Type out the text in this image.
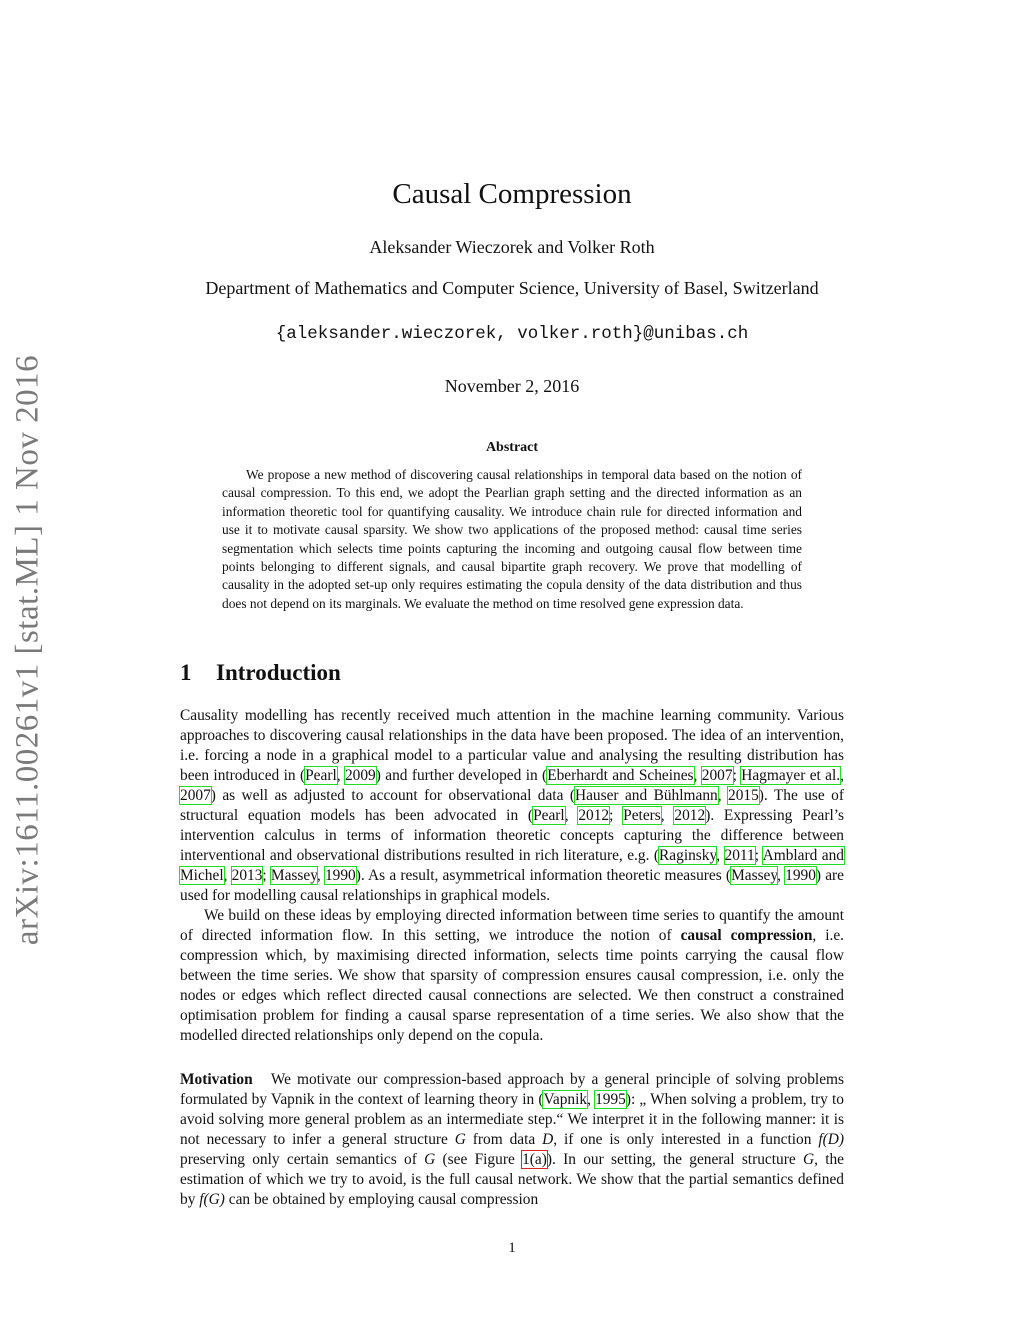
arXiv:1611.00261v1 [stat.ML] 1 Nov 2016
Causal Compression
Aleksander Wieczorek and Volker Roth
Department of Mathematics and Computer Science, University of Basel, Switzerland
{aleksander.wieczorek, volker.roth}@unibas.ch
November 2, 2016
Abstract

We propose a new method of discovering causal relationships in temporal data based on the notion of causal compression. To this end, we adopt the Pearlian graph setting and the directed information as an information theoretic tool for quantifying causality. We introduce chain rule for directed information and use it to motivate causal sparsity. We show two applications of the proposed method: causal time series segmentation which selects time points capturing the incoming and outgoing causal flow between time points belonging to different signals, and causal bipartite graph recovery. We prove that modelling of causality in the adopted set-up only requires estimating the copula density of the data distribution and thus does not depend on its marginals. We evaluate the method on time resolved gene expression data.

1 Introduction

Causality modelling has recently received much attention in the machine learning community. Various approaches to discovering causal relationships in the data have been proposed. The idea of an intervention, i.e. forcing a node in a graphical model to a particular value and analysing the resulting distribution has been introduced in (Pearl, 2009) and further developed in (Eberhardt and Scheines, 2007; Hagmayer et al., 2007) as well as adjusted to account for observational data (Hauser and Bühlmann, 2015). The use of structural equation models has been advocated in (Pearl, 2012; Peters, 2012). Expressing Pearl’s intervention calculus in terms of information theoretic concepts capturing the difference between interventional and observational distributions resulted in rich literature, e.g. (Raginsky, 2011; Amblard and Michel, 2013; Massey, 1990). As a result, asymmetrical information theoretic measures (Massey, 1990) are used for modelling causal relationships in graphical models.

We build on these ideas by employing directed information between time series to quantify the amount of directed information flow. In this setting, we introduce the notion of causal compression, i.e. compression which, by maximising directed information, selects time points carrying the causal flow between the time series. We show that sparsity of compression ensures causal compression, i.e. only the nodes or edges which reflect directed causal connections are selected. We then construct a constrained optimisation problem for finding a causal sparse representation of a time series. We also show that the modelled directed relationships only depend on the copula.

Motivation We motivate our compression-based approach by a general principle of solving problems formulated by Vapnik in the context of learning theory in (Vapnik, 1995): „ When solving a problem, try to avoid solving more general problem as an intermediate step.“ We interpret it in the following manner: it is not necessary to infer a general structure G from data D, if one is only interested in a function f(D) preserving only certain semantics of G (see Figure 1(a)). In our setting, the general structure G, the estimation of which we try to avoid, is the full causal network. We show that the partial semantics defined by f(G) can be obtained by employing causal compression

1
